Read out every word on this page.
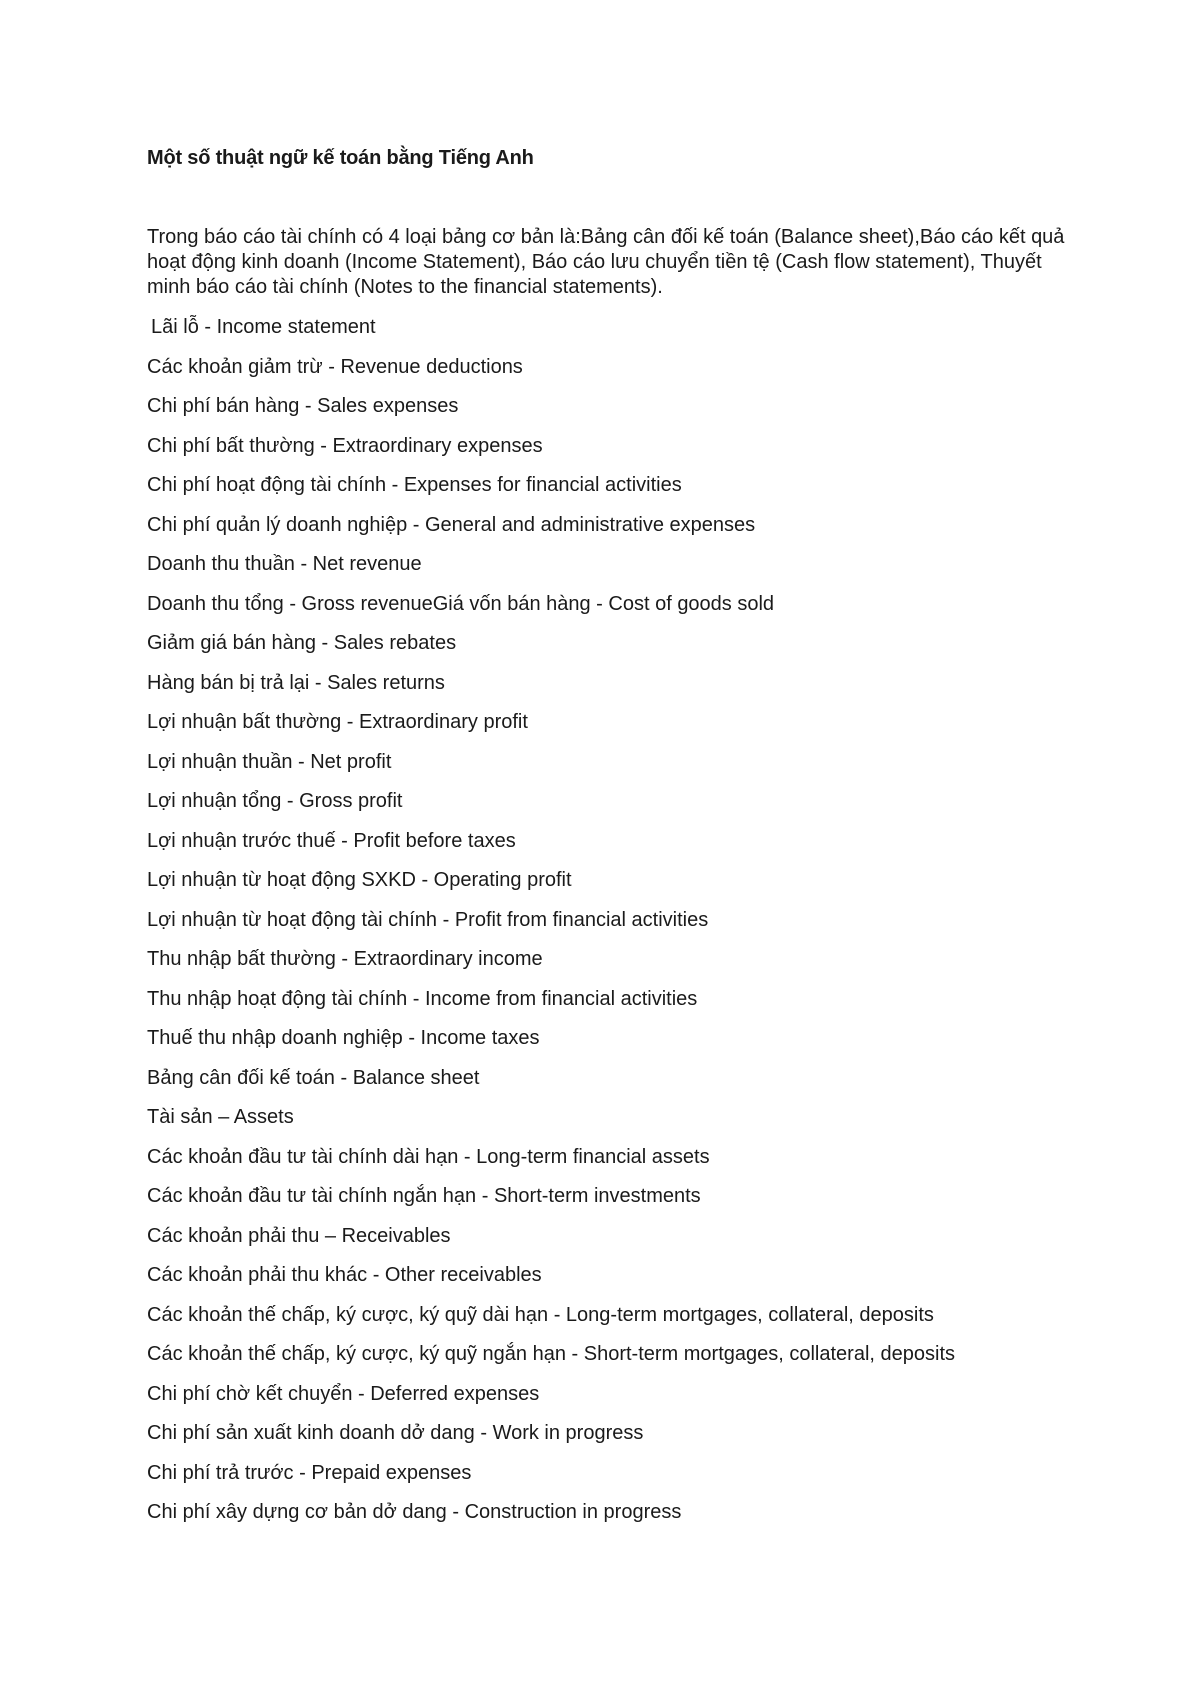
Một số thuật ngữ kế toán bằng Tiếng Anh
Trong báo cáo tài chính có 4 loại bảng cơ bản là:Bảng cân đối kế toán (Balance sheet),Báo cáo kết quả hoạt động kinh doanh (Income Statement), Báo cáo lưu chuyển tiền tệ (Cash flow statement), Thuyết minh báo cáo tài chính (Notes to the financial statements).
Lãi lỗ - Income statement
Các khoản giảm trừ - Revenue deductions
Chi phí bán hàng - Sales expenses
Chi phí bất thường - Extraordinary expenses
Chi phí hoạt động tài chính - Expenses for financial activities
Chi phí quản lý doanh nghiệp - General and administrative expenses
Doanh thu thuần - Net revenue
Doanh thu tổng - Gross revenueGiá vốn bán hàng - Cost of goods sold
Giảm giá bán hàng - Sales rebates
Hàng bán bị trả lại - Sales returns
Lợi nhuận bất thường - Extraordinary profit
Lợi nhuận thuần - Net profit
Lợi nhuận tổng - Gross profit
Lợi nhuận trước thuế - Profit before taxes
Lợi nhuận từ hoạt động SXKD - Operating profit
Lợi nhuận từ hoạt động tài chính - Profit from financial activities
Thu nhập bất thường - Extraordinary income
Thu nhập hoạt động tài chính - Income from financial activities
Thuế thu nhập doanh nghiệp - Income taxes
Bảng cân đối kế toán - Balance sheet
Tài sản – Assets
Các khoản đầu tư tài chính dài hạn - Long-term financial assets
Các khoản đầu tư tài chính ngắn hạn - Short-term investments
Các khoản phải thu – Receivables
Các khoản phải thu khác - Other receivables
Các khoản thế chấp, ký cược, ký quỹ dài hạn - Long-term mortgages, collateral, deposits
Các khoản thế chấp, ký cược, ký quỹ ngắn hạn - Short-term mortgages, collateral, deposits
Chi phí chờ kết chuyển - Deferred expenses
Chi phí sản xuất kinh doanh dở dang - Work in progress
Chi phí trả trước - Prepaid expenses
Chi phí xây dựng cơ bản dở dang - Construction in progress
